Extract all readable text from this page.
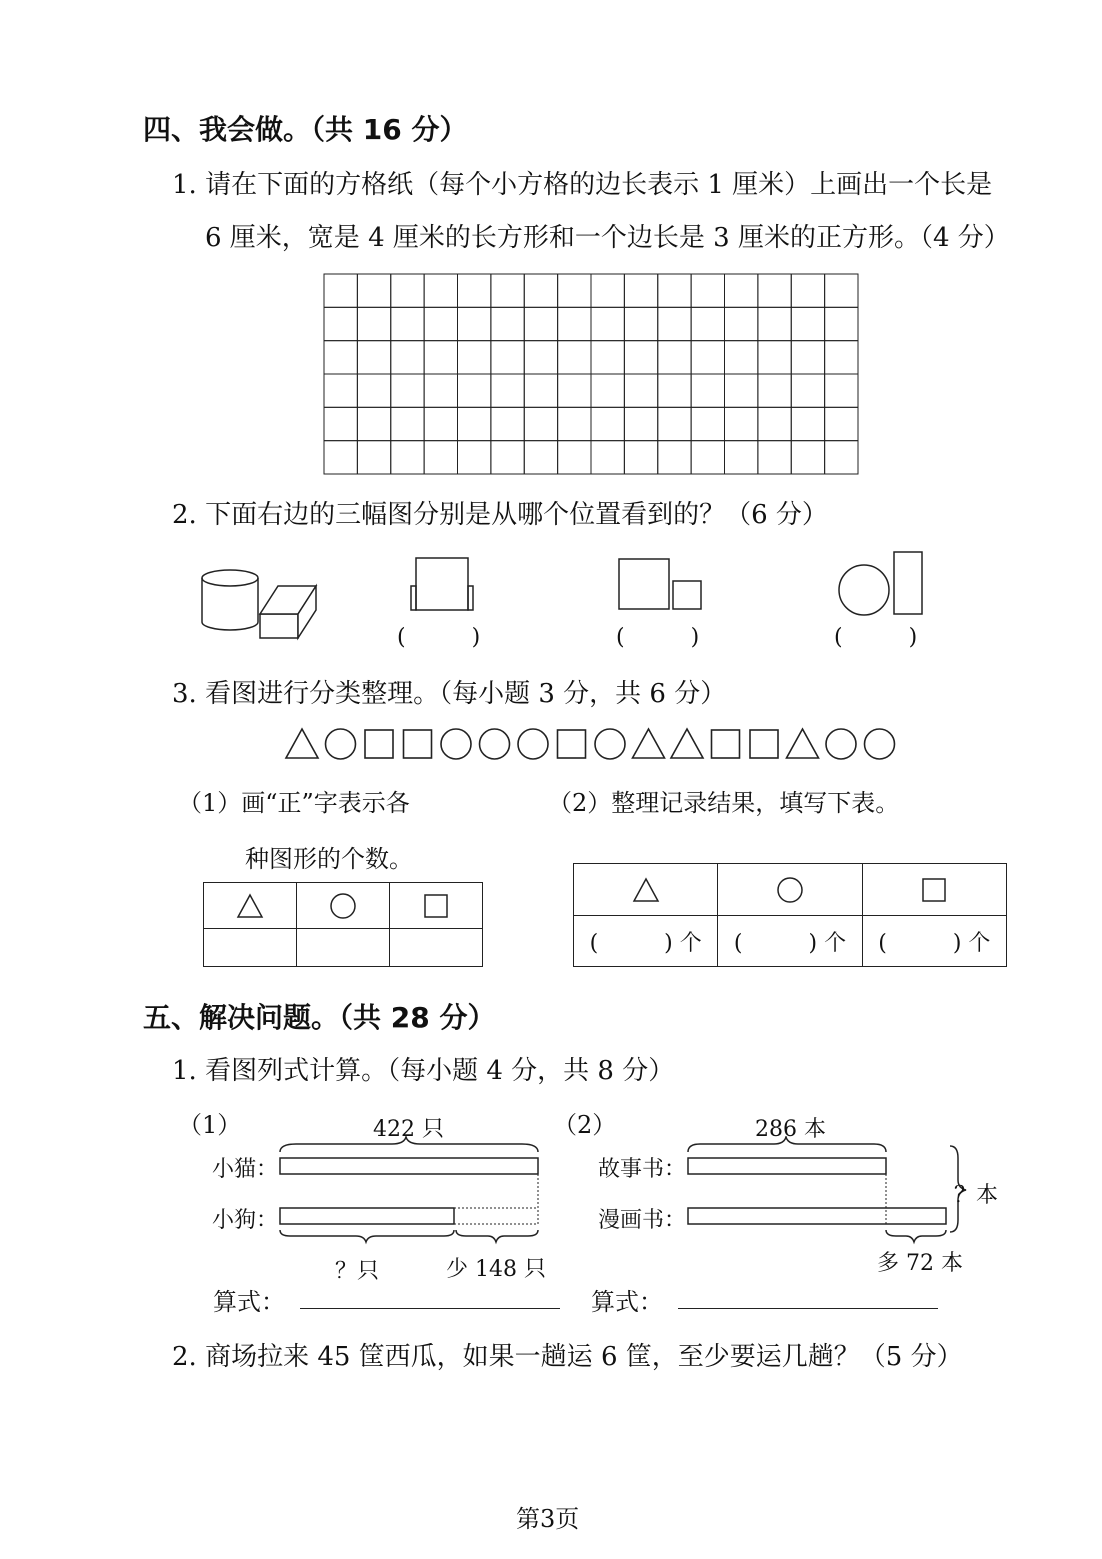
四、我会做。（共 16 分）
1. 请在下面的方格纸（每个小方格的边长表示 1 厘米）上画出一个长是
6 厘米，宽是 4 厘米的长方形和一个边长是 3 厘米的正方形。（4 分）
2. 下面右边的三幅图分别是从哪个位置看到的？（6 分）
(　　　)	(　　　)	(　　　)
3. 看图进行分类整理。（每小题 3 分，共 6 分）
（1）画“正”字表示各
种图形的个数。
（2）整理记录结果，填写下表。

(　　　) 个	(　　　) 个	(　　　) 个
五、解决问题。（共 28 分）
1. 看图列式计算。（每小题 4 分，共 8 分）
（1）	422 只
小猫：
小狗：
？只	少 148 只
（2）	286 本
故事书：
漫画书：
？本
多 72 本
算式：	算式：
2. 商场拉来 45 筐西瓜，如果一趟运 6 筐，至少要运几趟？（5 分）
第3页
